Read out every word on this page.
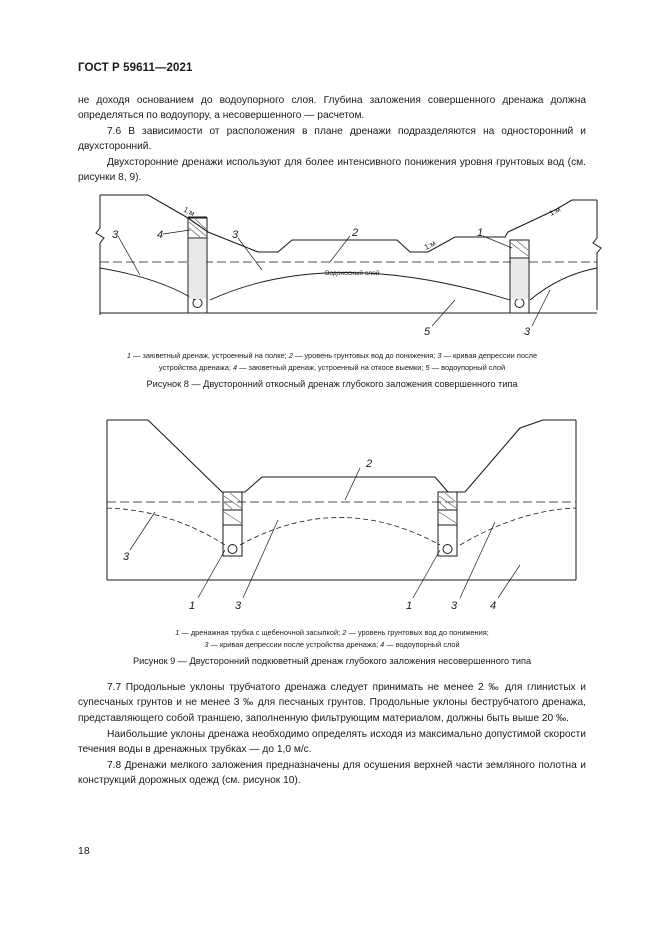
ГОСТ Р 59611—2021

не доходя основанием до водоупорного слоя. Глубина заложения совершенного дренажа должна определяться по водоупору, а несовершенного — расчетом.

7.6 В зависимости от расположения в плане дренажи подразделяются на односторонний и двухсторонний.

Двухсторонние дренажи используют для более интенсивного понижения уровня грунтовых вод (см. рисунки 8, 9).

1:м
1:м
1:м
Водоносный слой
3	4	3	2	1
5	3
1 — заюветный дренаж, устроенный на полке; 2 — уровень грунтовых вод до понижения; 3 — кривая депрессии после
устройства дренажа; 4 — заюветный дренаж, устроенный на откосе выемки; 5 — водоупорный слой
Рисунок 8 — Двусторонний откосный дренаж глубокого заложения совершенного типа
2
3
1	3	1	3	4
1 — дренажная трубка с щебеночной засыпкой; 2 — уровень грунтовых вод до понижения;
3 — кривая депрессии после устройства дренажа; 4 — водоупорный слой
Рисунок 9 — Двусторонний подкюветный дренаж глубокого заложения несовершенного типа

7.7 Продольные уклоны трубчатого дренажа следует принимать не менее 2 ‰ для глинистых и супесчаных грунтов и не менее 3 ‰ для песчаных грунтов. Продольные уклоны беструбчатого дренажа, представляющего собой траншею, заполненную фильтрующим материалом, должны быть выше 20 ‰.

Наибольшие уклоны дренажа необходимо определять исходя из максимально допустимой скорости течения воды в дренажных трубках — до 1,0 м/с.

7.8 Дренажи мелкого заложения предназначены для осушения верхней части земляного полотна и конструкций дорожных одежд (см. рисунок 10).

18
